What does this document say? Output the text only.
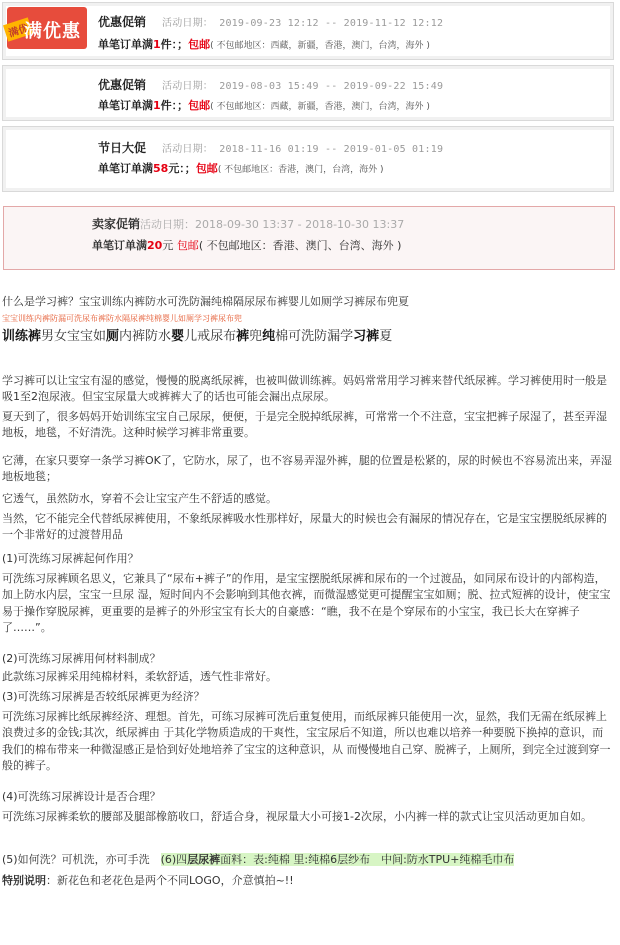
满优
满优惠 优惠促销 活动日期： 2019-09-23 12:12 -- 2019-11-12 12:12
单笔订单满1件：；包邮( 不包邮地区：西藏，新疆，香港，澳门，台湾，海外 )
优惠促销 活动日期： 2019-08-03 15:49 -- 2019-09-22 15:49
单笔订单满1件：；包邮( 不包邮地区：西藏，新疆，香港，澳门，台湾，海外 )
节日大促 活动日期： 2018-11-16 01:19 -- 2019-01-05 01:19
单笔订单满58元：；包邮( 不包邮地区：香港，澳门，台湾，海外 )
卖家促销 活动日期：2018-09-30 13:37 - 2018-10-30 13:37
单笔订单满20元 包邮( 不包邮地区：香港、澳门、台湾、海外 )
什么是学习裤？宝宝训练内裤防水可洗防漏纯棉隔尿尿布裤婴儿如厕学习裤尿布兜夏
宝宝训练内裤防漏可洗尿布裤防水隔尿裤纯棉婴儿如厕学习裤尿布兜
训练裤男女宝宝如厕内裤防水婴儿戒尿布裤兜纯棉可洗防漏学习裤夏

学习裤可以让宝宝有湿的感觉，慢慢的脱离纸尿裤，也被叫做训练裤。妈妈常常用学习裤来替代纸尿裤。学习裤使用时一般是吸1至2泡尿液。但宝宝尿量大或裤裤大了的话也可能会漏出点尿尿。

夏天到了，很多妈妈开始训练宝宝自己尿尿，便便，于是完全脱掉纸尿裤，可常常一个不注意，宝宝把裤子尿湿了，甚至弄湿地板，地毯，不好清洗。这种时候学习裤非常重要。

它薄，在家只要穿一条学习裤OK了，它防水，尿了，也不容易弄湿外裤，腿的位置是松紧的，尿的时候也不容易流出来，弄湿地板地毯；

它透气，虽然防水，穿着不会让宝宝产生不舒适的感觉。

当然，它不能完全代替纸尿裤使用，不象纸尿裤吸水性那样好，尿量大的时候也会有漏尿的情况存在，它是宝宝摆脱纸尿裤的一个非常好的过渡替用品

(1)可洗练习尿裤起何作用？

可洗练习尿裤顾名思义，它兼具了“尿布+裤子”的作用，是宝宝摆脱纸尿裤和尿布的一个过渡品，如同尿布设计的内部构造，加上防水内层，宝宝一旦尿 湿，短时间内不会影响到其他衣裤，而微湿感觉更可提醒宝宝如厕；脱、拉式短裤的设计，使宝宝易于操作穿脱尿裤，更重要的是裤子的外形宝宝有长大的自豪感：“瞧，我不在是个穿尿布的小宝宝，我已长大在穿裤子了……”。

(2)可洗练习尿裤用何材料制成？

此款练习尿裤采用纯棉材料，柔软舒适，透气性非常好。

(3)可洗练习尿裤是否较纸尿裤更为经济？

可洗练习尿裤比纸尿裤经济、理想。首先，可练习尿裤可洗后重复使用，而纸尿裤只能使用一次，显然，我们无需在纸尿裤上浪费过多的金钱;其次，纸尿裤由 于其化学物质造成的干爽性，宝宝尿后不知道，所以也难以培养一种要脱下换掉的意识，而我们的棉布带来一种微湿感正是恰到好处地培养了宝宝的这种意识，从 而慢慢地自己穿、脱裤子，上厕所，到完全过渡到穿一般的裤子。

(4)可洗练习尿裤设计是否合理？

可洗练习尿裤柔软的腰部及腿部橡筋收口，舒适合身，视尿量大小可接1-2次尿，小内裤一样的款式让宝贝活动更加自如。

(5)如何洗？可机洗，亦可手洗　 (6)四层尿裤面料：表:纯棉 里:纯棉6层纱布　中间:防水TPU+纯棉毛巾布
特别说明：新花色和老花色是两个不同LOGO，介意慎拍~!!
